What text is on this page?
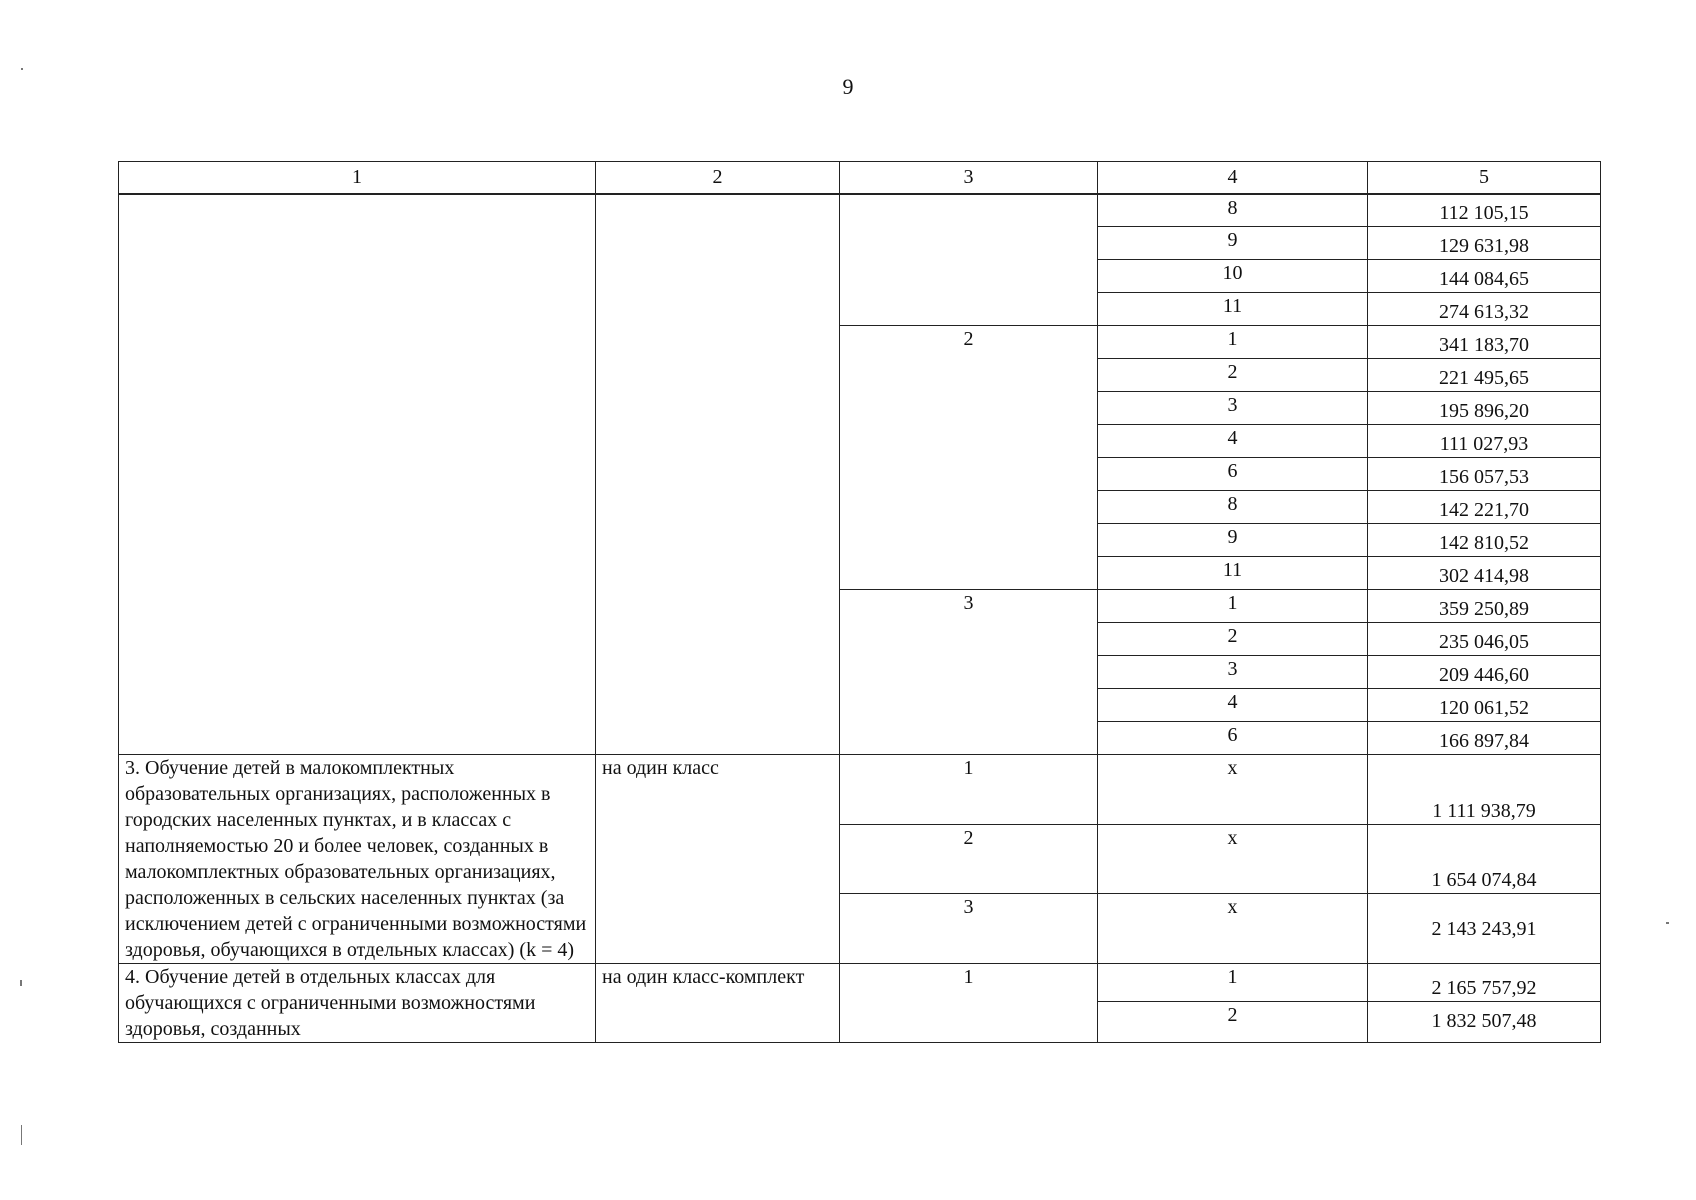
9
1	2	3	4	5
			8	112 105,15
			9	129 631,98
			10	144 084,65
			11	274 613,32
		2	1	341 183,70
			2	221 495,65
			3	195 896,20
			4	111 027,93
			6	156 057,53
			8	142 221,70
			9	142 810,52
			11	302 414,98
		3	1	359 250,89
			2	235 046,05
			3	209 446,60
			4	120 061,52
			6	166 897,84
3. Обучение детей в малокомплектных образовательных организациях, расположенных в городских населенных пунктах, и в классах с наполняемостью 20 и более человек, созданных в малокомплектных образовательных организациях, расположенных в сельских населенных пунктах (за исключением детей с ограниченными возможностями здоровья, обучающихся в отдельных классах) (k = 4)	на один класс	1	х	1 111 938,79
		2	х	1 654 074,84
		3	х	2 143 243,91
4. Обучение детей в отдельных классах для обучающихся с ограниченными возможностями здоровья, созданных	на один класс-комплект	1	1	2 165 757,92
			2	1 832 507,48
